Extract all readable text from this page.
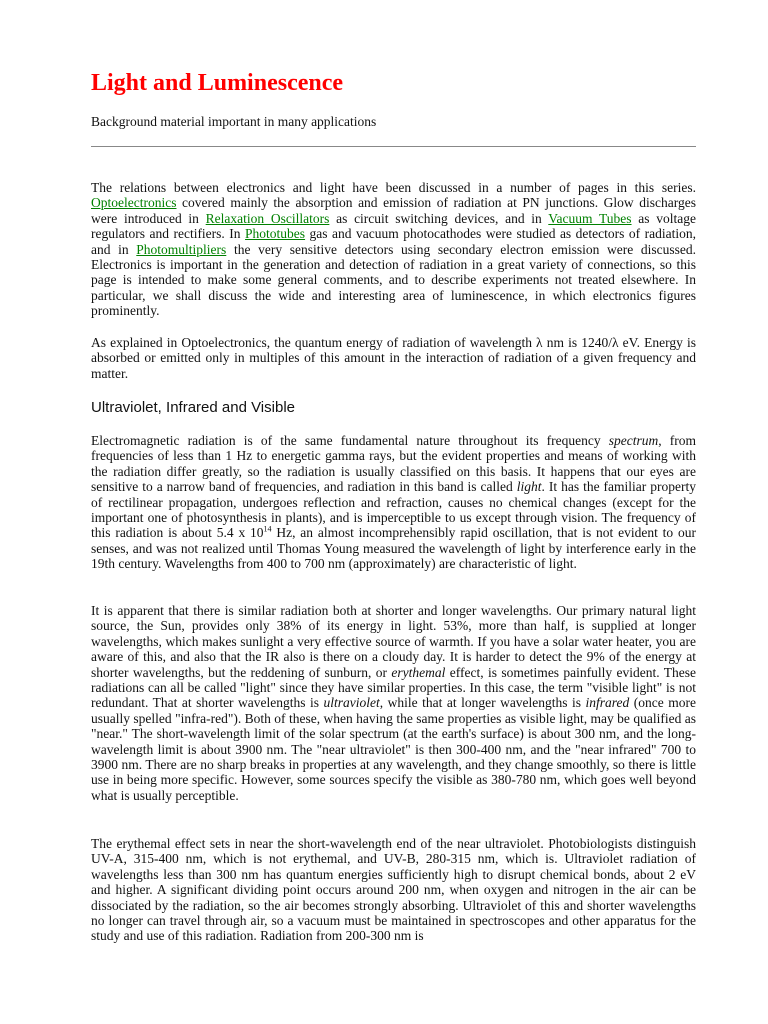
Light and Luminescence
Background material important in many applications

The relations between electronics and light have been discussed in a number of pages in this series. Optoelectronics covered mainly the absorption and emission of radiation at PN junctions. Glow discharges were introduced in Relaxation Oscillators as circuit switching devices, and in Vacuum Tubes as voltage regulators and rectifiers. In Phototubes gas and vacuum photocathodes were studied as detectors of radiation, and in Photomultipliers the very sensitive detectors using secondary electron emission were discussed. Electronics is important in the generation and detection of radiation in a great variety of connections, so this page is intended to make some general comments, and to describe experiments not treated elsewhere. In particular, we shall discuss the wide and interesting area of luminescence, in which electronics figures prominently.

As explained in Optoelectronics, the quantum energy of radiation of wavelength λ nm is 1240/λ eV. Energy is absorbed or emitted only in multiples of this amount in the interaction of radiation of a given frequency and matter.

Ultraviolet, Infrared and Visible

Electromagnetic radiation is of the same fundamental nature throughout its frequency spectrum, from frequencies of less than 1 Hz to energetic gamma rays, but the evident properties and means of working with the radiation differ greatly, so the radiation is usually classified on this basis. It happens that our eyes are sensitive to a narrow band of frequencies, and radiation in this band is called light. It has the familiar property of rectilinear propagation, undergoes reflection and refraction, causes no chemical changes (except for the important one of photosynthesis in plants), and is imperceptible to us except through vision. The frequency of this radiation is about 5.4 x $10^{14}$ Hz, an almost incomprehensibly rapid oscillation, that is not evident to our senses, and was not realized until Thomas Young measured the wavelength of light by interference early in the 19th century. Wavelengths from 400 to 700 nm (approximately) are characteristic of light.

It is apparent that there is similar radiation both at shorter and longer wavelengths. Our primary natural light source, the Sun, provides only 38% of its energy in light. 53%, more than half, is supplied at longer wavelengths, which makes sunlight a very effective source of warmth. If you have a solar water heater, you are aware of this, and also that the IR also is there on a cloudy day. It is harder to detect the 9% of the energy at shorter wavelengths, but the reddening of sunburn, or erythemal effect, is sometimes painfully evident. These radiations can all be called "light" since they have similar properties. In this case, the term "visible light" is not redundant. That at shorter wavelengths is ultraviolet, while that at longer wavelengths is infrared (once more usually spelled "infra-red"). Both of these, when having the same properties as visible light, may be qualified as "near." The short-wavelength limit of the solar spectrum (at the earth's surface) is about 300 nm, and the long-wavelength limit is about 3900 nm. The "near ultraviolet" is then 300-400 nm, and the "near infrared" 700 to 3900 nm. There are no sharp breaks in properties at any wavelength, and they change smoothly, so there is little use in being more specific. However, some sources specify the visible as 380-780 nm, which goes well beyond what is usually perceptible.

The erythemal effect sets in near the short-wavelength end of the near ultraviolet. Photobiologists distinguish UV-A, 315-400 nm, which is not erythemal, and UV-B, 280-315 nm, which is. Ultraviolet radiation of wavelengths less than 300 nm has quantum energies sufficiently high to disrupt chemical bonds, about 2 eV and higher. A significant dividing point occurs around 200 nm, when oxygen and nitrogen in the air can be dissociated by the radiation, so the air becomes strongly absorbing. Ultraviolet of this and shorter wavelengths no longer can travel through air, so a vacuum must be maintained in spectroscopes and other apparatus for the study and use of this radiation. Radiation from 200-300 nm is
